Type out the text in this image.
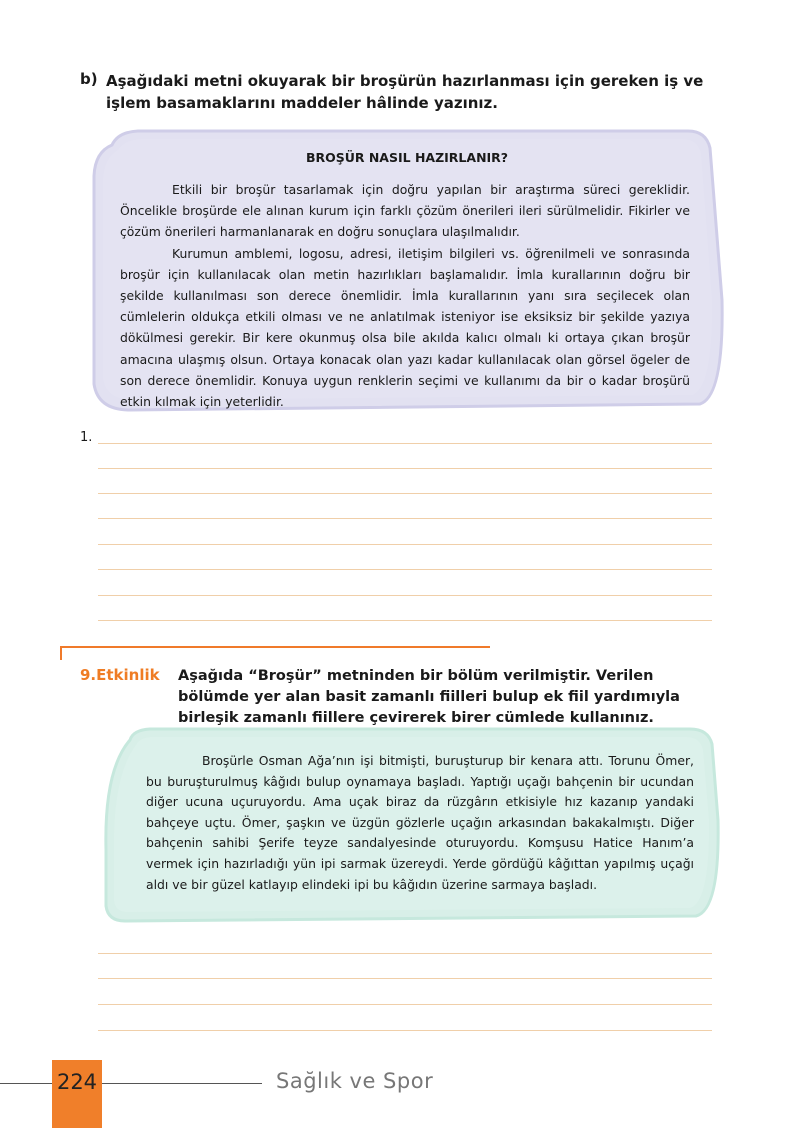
b) Aşağıdaki metni okuyarak bir broşürün hazırlanması için gereken iş ve işlem basamaklarını maddeler hâlinde yazınız.
BROŞÜR NASIL HAZIRLANIR?

Etkili bir broşür tasarlamak için doğru yapılan bir araştırma süreci gereklidir. Öncelikle broşürde ele alınan kurum için farklı çözüm önerileri ileri sürülmelidir. Fikirler ve çözüm önerileri harmanlanarak en doğru sonuçlara ulaşılmalıdır.

Kurumun amblemi, logosu, adresi, iletişim bilgileri vs. öğrenilmeli ve sonrasında broşür için kullanılacak olan metin hazırlıkları başlamalıdır. İmla kurallarının doğru bir şekilde kullanılması son derece önemlidir. İmla kurallarının yanı sıra seçilecek olan cümlelerin oldukça etkili olması ve ne anlatılmak isteniyor ise eksiksiz bir şekilde yazıya dökülmesi gerekir. Bir kere okunmuş olsa bile akılda kalıcı olmalı ki ortaya çıkan broşür amacına ulaşmış olsun. Ortaya konacak olan yazı kadar kullanılacak olan görsel ögeler de son derece önemlidir. Konuya uygun renklerin seçimi ve kullanımı da bir o kadar broşürü etkin kılmak için yeterlidir.

1.
9.Etkinlik Aşağıda “Broşür” metninden bir bölüm verilmiştir. Verilen bölümde yer alan basit zamanlı fiilleri bulup ek fiil yardımıyla birleşik zamanlı fiillere çevirerek birer cümlede kullanınız.

Broşürle Osman Ağa’nın işi bitmişti, buruşturup bir kenara attı. Torunu Ömer, bu buruşturulmuş kâğıdı bulup oynamaya başladı. Yaptığı uçağı bahçenin bir ucundan diğer ucuna uçuruyordu. Ama uçak biraz da rüzgârın etkisiyle hız kazanıp yandaki bahçeye uçtu. Ömer, şaşkın ve üzgün gözlerle uçağın arkasından bakakalmıştı. Diğer bahçenin sahibi Şerife teyze sandalyesinde oturuyordu. Komşusu Hatice Hanım’a vermek için hazırladığı yün ipi sarmak üzereydi. Yerde gördüğü kâğıttan yapılmış uçağı aldı ve bir güzel katlayıp elindeki ipi bu kâğıdın üzerine sarmaya başladı.

224	Sağlık ve Spor
